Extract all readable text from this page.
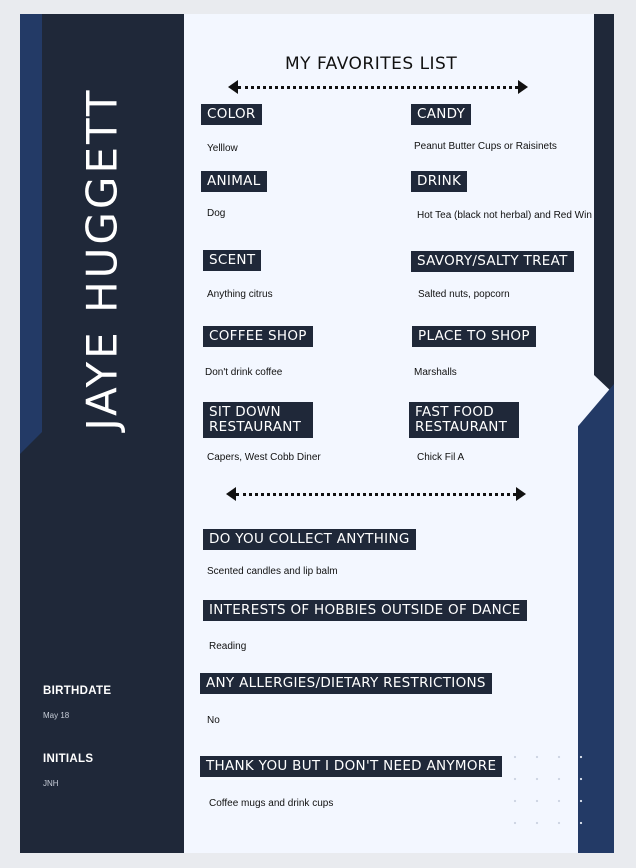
JAYE HUGGETT
BIRTHDATE
May 18
INITIALS
JNH
MY FAVORITES LIST
COLOR
Yelllow
CANDY
Peanut Butter Cups or Raisinets
ANIMAL
Dog
DRINK
Hot Tea (black not herbal) and Red Win
SCENT
Anything citrus
SAVORY/SALTY TREAT
Salted nuts, popcorn
COFFEE SHOP
Don't drink coffee
PLACE TO SHOP
Marshalls
SIT DOWN RESTAURANT
Capers, West Cobb Diner
FAST FOOD RESTAURANT
Chick Fil A
DO YOU COLLECT ANYTHING
Scented candles and lip balm
INTERESTS OF HOBBIES OUTSIDE OF DANCE
Reading
ANY ALLERGIES/DIETARY RESTRICTIONS
No
THANK YOU BUT I DON'T NEED ANYMORE
Coffee mugs and drink cups
